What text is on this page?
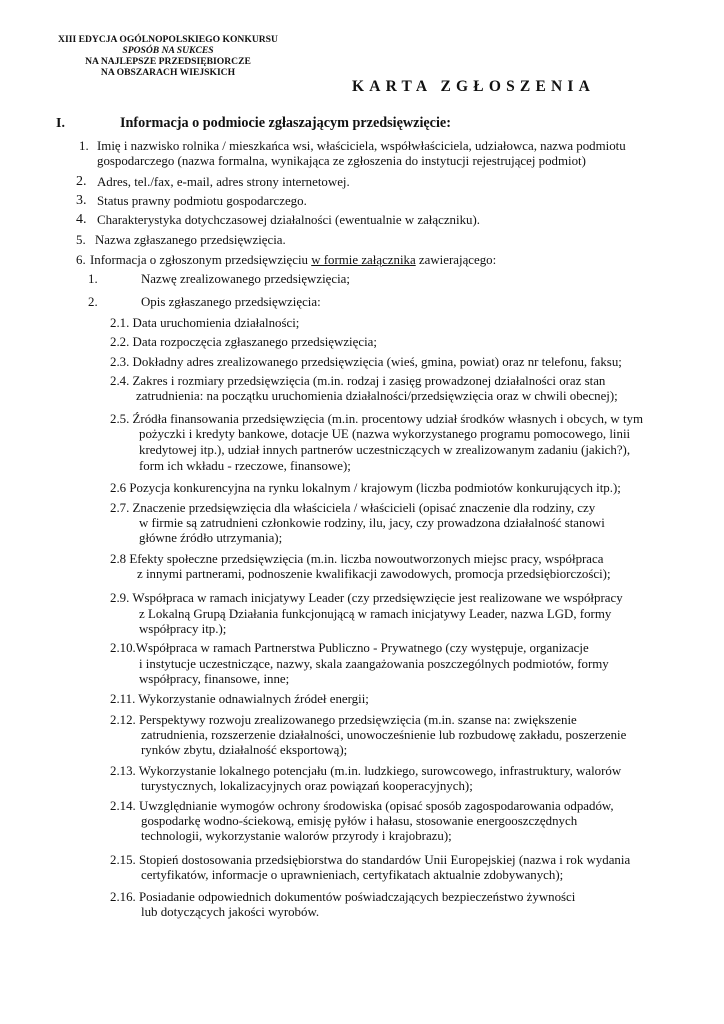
XIII EDYCJA OGÓLNOPOLSKIEGO KONKURSU
SPOSÓB NA SUKCES
NA NAJLEPSZE PRZEDSIĘBIORCZE
NA OBSZARACH WIEJSKICH
KARTA ZGŁOSZENIA
I.	Informacja o podmiocie zgłaszającym przedsięwzięcie:
1. Imię i nazwisko rolnika / mieszkańca wsi, właściciela, współwłaściciela, udziałowca, nazwa podmiotu
gospodarczego (nazwa formalna, wynikająca ze zgłoszenia do instytucji rejestrującej podmiot)
2. Adres, tel./fax, e-mail, adres strony internetowej.
3. Status prawny podmiotu gospodarczego.
4. Charakterystyka dotychczasowej działalności (ewentualnie w załączniku).
5. Nazwa zgłaszanego przedsięwzięcia.
6. Informacja o zgłoszonym przedsięwzięciu w formie załącznika zawierającego:
1.	Nazwę zrealizowanego przedsięwzięcia;
2.	Opis zgłaszanego przedsięwzięcia:
2.1. Data uruchomienia działalności;
2.2. Data rozpoczęcia zgłaszanego przedsięwzięcia;
2.3. Dokładny adres zrealizowanego przedsięwzięcia (wieś, gmina, powiat) oraz nr telefonu, faksu;
2.4. Zakres i rozmiary przedsięwzięcia (m.in. rodzaj i zasięg prowadzonej działalności oraz stan
zatrudnienia: na początku uruchomienia działalności/przedsięwzięcia oraz w chwili obecnej);
2.5. Źródła finansowania przedsięwzięcia (m.in. procentowy udział środków własnych i obcych, w tym
pożyczki i kredyty bankowe, dotacje UE (nazwa wykorzystanego programu pomocowego, linii
kredytowej itp.), udział innych partnerów uczestniczących w zrealizowanym zadaniu (jakich?),
form ich wkładu - rzeczowe, finansowe);
2.6 Pozycja konkurencyjna na rynku lokalnym / krajowym (liczba podmiotów konkurujących itp.);
2.7. Znaczenie przedsięwzięcia dla właściciela / właścicieli (opisać znaczenie dla rodziny, czy
w firmie są zatrudnieni członkowie rodziny, ilu, jacy, czy prowadzona działalność stanowi
główne źródło utrzymania);
2.8 Efekty społeczne przedsięwzięcia (m.in. liczba nowoutworzonych miejsc pracy, współpraca
z innymi partnerami, podnoszenie kwalifikacji zawodowych, promocja przedsiębiorczości);
2.9. Współpraca w ramach inicjatywy Leader (czy przedsięwzięcie jest realizowane we współpracy
z Lokalną Grupą Działania funkcjonującą w ramach inicjatywy Leader, nazwa LGD, formy
współpracy itp.);
2.10.Współpraca w ramach Partnerstwa Publiczno - Prywatnego (czy występuje, organizacje
i instytucje uczestniczące, nazwy, skala zaangażowania poszczególnych podmiotów, formy
współpracy, finansowe, inne;
2.11. Wykorzystanie odnawialnych źródeł energii;
2.12. Perspektywy rozwoju zrealizowanego przedsięwzięcia (m.in. szanse na: zwiększenie
zatrudnienia, rozszerzenie działalności, unowocześnienie lub rozbudowę zakładu, poszerzenie
rynków zbytu, działalność eksportową);
2.13. Wykorzystanie lokalnego potencjału (m.in. ludzkiego, surowcowego, infrastruktury, walorów
turystycznych, lokalizacyjnych oraz powiązań kooperacyjnych);
2.14. Uwzględnianie wymogów ochrony środowiska (opisać sposób zagospodarowania odpadów,
gospodarkę wodno-ściekową, emisję pyłów i hałasu, stosowanie energooszczędnych
technologii, wykorzystanie walorów przyrody i krajobrazu);
2.15. Stopień dostosowania przedsiębiorstwa do standardów Unii Europejskiej (nazwa i rok wydania
certyfikatów, informacje o uprawnieniach, certyfikatach aktualnie zdobywanych);
2.16. Posiadanie odpowiednich dokumentów poświadczających bezpieczeństwo żywności
lub dotyczących jakości wyrobów.
